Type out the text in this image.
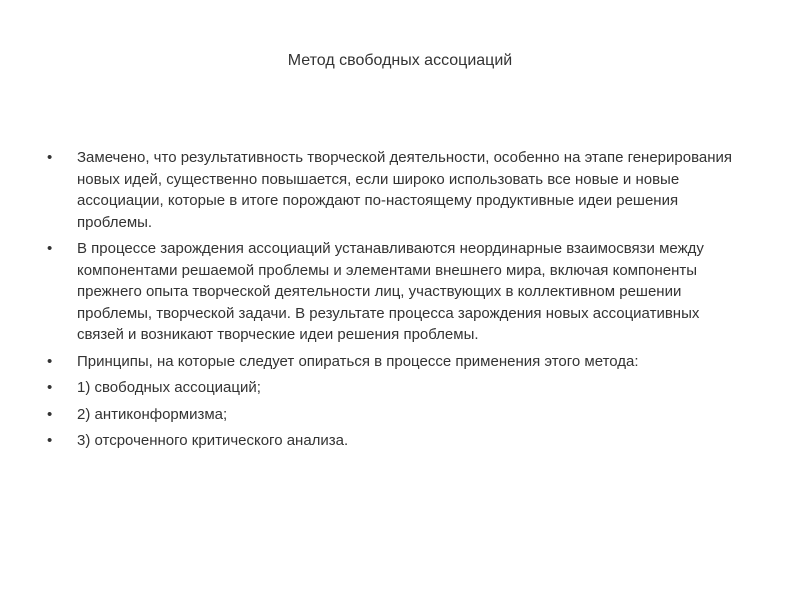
Метод свободных ассоциаций
•	Замечено, что результативность творческой деятельности, особенно на этапе генерирования новых идей, существенно повышается, если широко использовать все новые и новые ассоциации, которые в итоге порождают по-настоящему продуктивные идеи решения проблемы.
•	В процессе зарождения ассоциаций устанавливаются неординарные взаимосвязи между компонентами решаемой проблемы и элементами внешнего мира, включая компоненты прежнего опыта творческой деятельности лиц, участвующих в коллективном решении проблемы, творческой задачи. В результате процесса зарождения новых ассоциативных связей и возникают творческие идеи решения проблемы.
•	Принципы, на которые следует опираться в процессе применения этого метода:
•	1) свободных ассоциаций;
•	2) антиконформизма;
•	3) отсроченного критического анализа.
